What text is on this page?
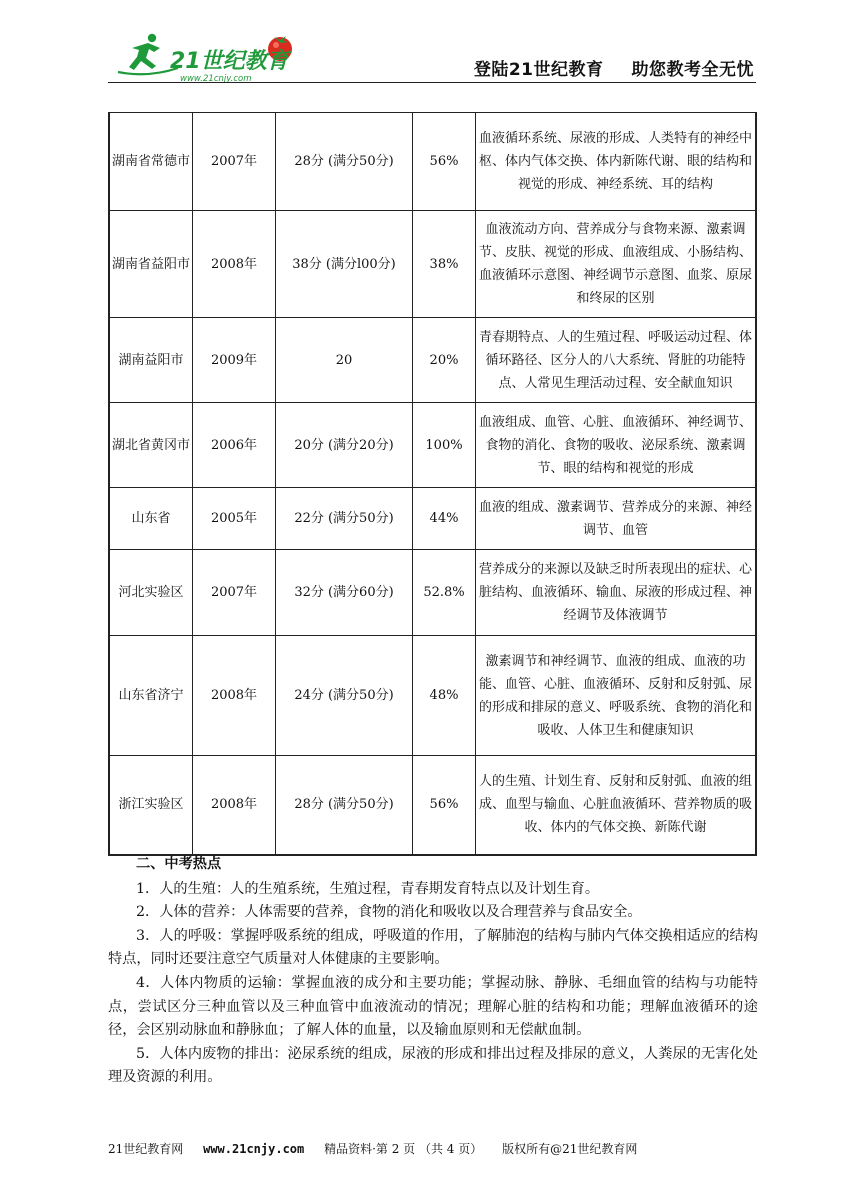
21世纪教育
www.21cnjy.com	登陆21世纪教育 助您教考全无忧
湖南省常德市	2007年	28分 (满分50分)	56%	血液循环系统、尿液的形成、人类特有的神经中枢、体内气体交换、体内新陈代谢、眼的结构和视觉的形成、神经系统、耳的结构
湖南省益阳市	2008年	38分 (满分l00分)	38%	血液流动方向、营养成分与食物来源、激素调节、皮肤、视觉的形成、血液组成、小肠结构、血液循环示意图、神经调节示意图、血浆、原尿和终尿的区别
湖南益阳市	2009年	20	20%	青春期特点、人的生殖过程、呼吸运动过程、体循环路径、区分人的八大系统、肾脏的功能特点、人常见生理活动过程、安全献血知识
湖北省黄冈市	2006年	20分 (满分20分)	100%	血液组成、血管、心脏、血液循环、神经调节、食物的消化、食物的吸收、泌尿系统、激素调节、眼的结构和视觉的形成
山东省	2005年	22分 (满分50分)	44%	血液的组成、激素调节、营养成分的来源、神经调节、血管
河北实验区	2007年	32分 (满分60分)	52.8%	营养成分的来源以及缺乏时所表现出的症状、心脏结构、血液循环、输血、尿液的形成过程、神经调节及体液调节
山东省济宁	2008年	24分 (满分50分)	48%	激素调节和神经调节、血液的组成、血液的功能、血管、心脏、血液循环、反射和反射弧、尿的形成和排尿的意义、呼吸系统、食物的消化和吸收、人体卫生和健康知识
浙江实验区	2008年	28分 (满分50分)	56%	人的生殖、计划生育、反射和反射弧、血液的组成、血型与输血、心脏血液循环、营养物质的吸收、体内的气体交换、新陈代谢
二、中考热点

1．人的生殖：人的生殖系统，生殖过程，青春期发育特点以及计划生育。

2．人体的营养：人体需要的营养，食物的消化和吸收以及合理营养与食品安全。

3．人的呼吸：掌握呼吸系统的组成，呼吸道的作用，了解肺泡的结构与肺内气体交换相适应的结构特点，同时还要注意空气质量对人体健康的主要影响。

4．人体内物质的运输：掌握血液的成分和主要功能；掌握动脉、静脉、毛细血管的结构与功能特点，尝试区分三种血管以及三种血管中血液流动的情况；理解心脏的结构和功能；理解血液循环的途径，会区别动脉血和静脉血；了解人体的血量，以及输血原则和无偿献血制。

5．人体内废物的排出：泌尿系统的组成，尿液的形成和排出过程及排尿的意义，人粪尿的无害化处理及资源的利用。

21世纪教育网 www.21cnjy.com 精品资料·第 2 页 （共 4 页） 版权所有@21世纪教育网
